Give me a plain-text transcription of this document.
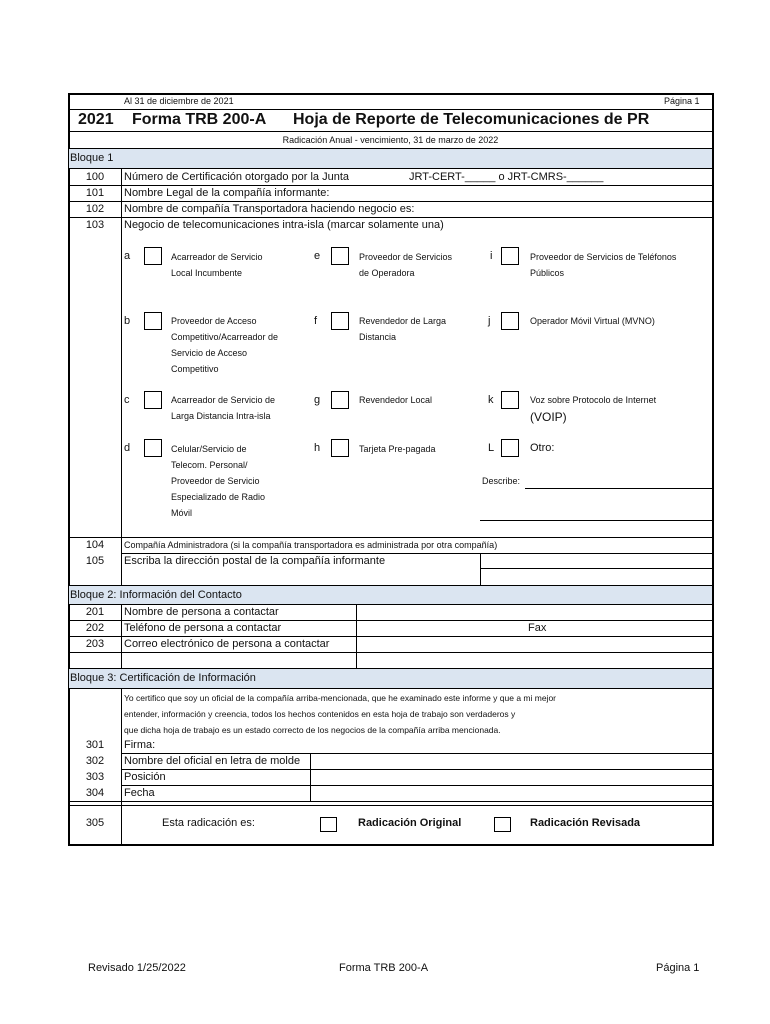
Al 31 de diciembre de 2021	Página 1
2021 Forma TRB 200-A Hoja de Reporte de Telecomunicaciones de PR
Radicación Anual - vencimiento, 31 de marzo de 2022
Bloque 1
100	Número de Certificación otorgado por la Junta	JRT-CERT-_____ o JRT-CMRS-______
101	Nombre Legal de la compañía informante:
102	Nombre de compañía Transportadora haciendo negocio es:
103	Negocio de telecomunicaciones intra-isla (marcar solamente una)
a	Acarreador de Servicio
Local Incumbente
b	Proveedor de Acceso
Competitivo/Acarreador de
Servicio de Acceso
Competitivo
c	Acarreador de Servicio de
Larga Distancia Intra-isla
d	Celular/Servicio de
Telecom. Personal/
Proveedor de Servicio
Especializado de Radio
Móvil
e	Proveedor de Servicios
de Operadora
f	Revendedor de Larga
Distancia
g	Revendedor Local
h	Tarjeta Pre-pagada
i	Proveedor de Servicios de Teléfonos
Públicos
j	Operador Móvil Virtual (MVNO)
k	Voz sobre Protocolo de Internet
(VOIP)
L	Otro:
Describe:
104	Compañía Administradora (si la compañía transportadora es administrada por otra compañía)
105	Escriba la dirección postal de la compañía informante
Bloque 2: Información del Contacto
201	Nombre de persona a contactar
202	Teléfono de persona a contactar	Fax
203	Correo electrónico de persona a contactar
Bloque 3: Certificación de Información
Yo certifico que soy un oficial de la compañía arriba-mencionada, que he examinado este informe y que a mi mejor
entender, información y creencia, todos los hechos contenidos en esta hoja de trabajo son verdaderos y
que dicha hoja de trabajo es un estado correcto de los negocios de la compañía arriba mencionada.
301	Firma:
302	Nombre del oficial en letra de molde
303	Posición
304	Fecha
305	Esta radicación es:	Radicación Original	Radicación Revisada
Revisado 1/25/2022	Forma TRB 200-A	Página 1
